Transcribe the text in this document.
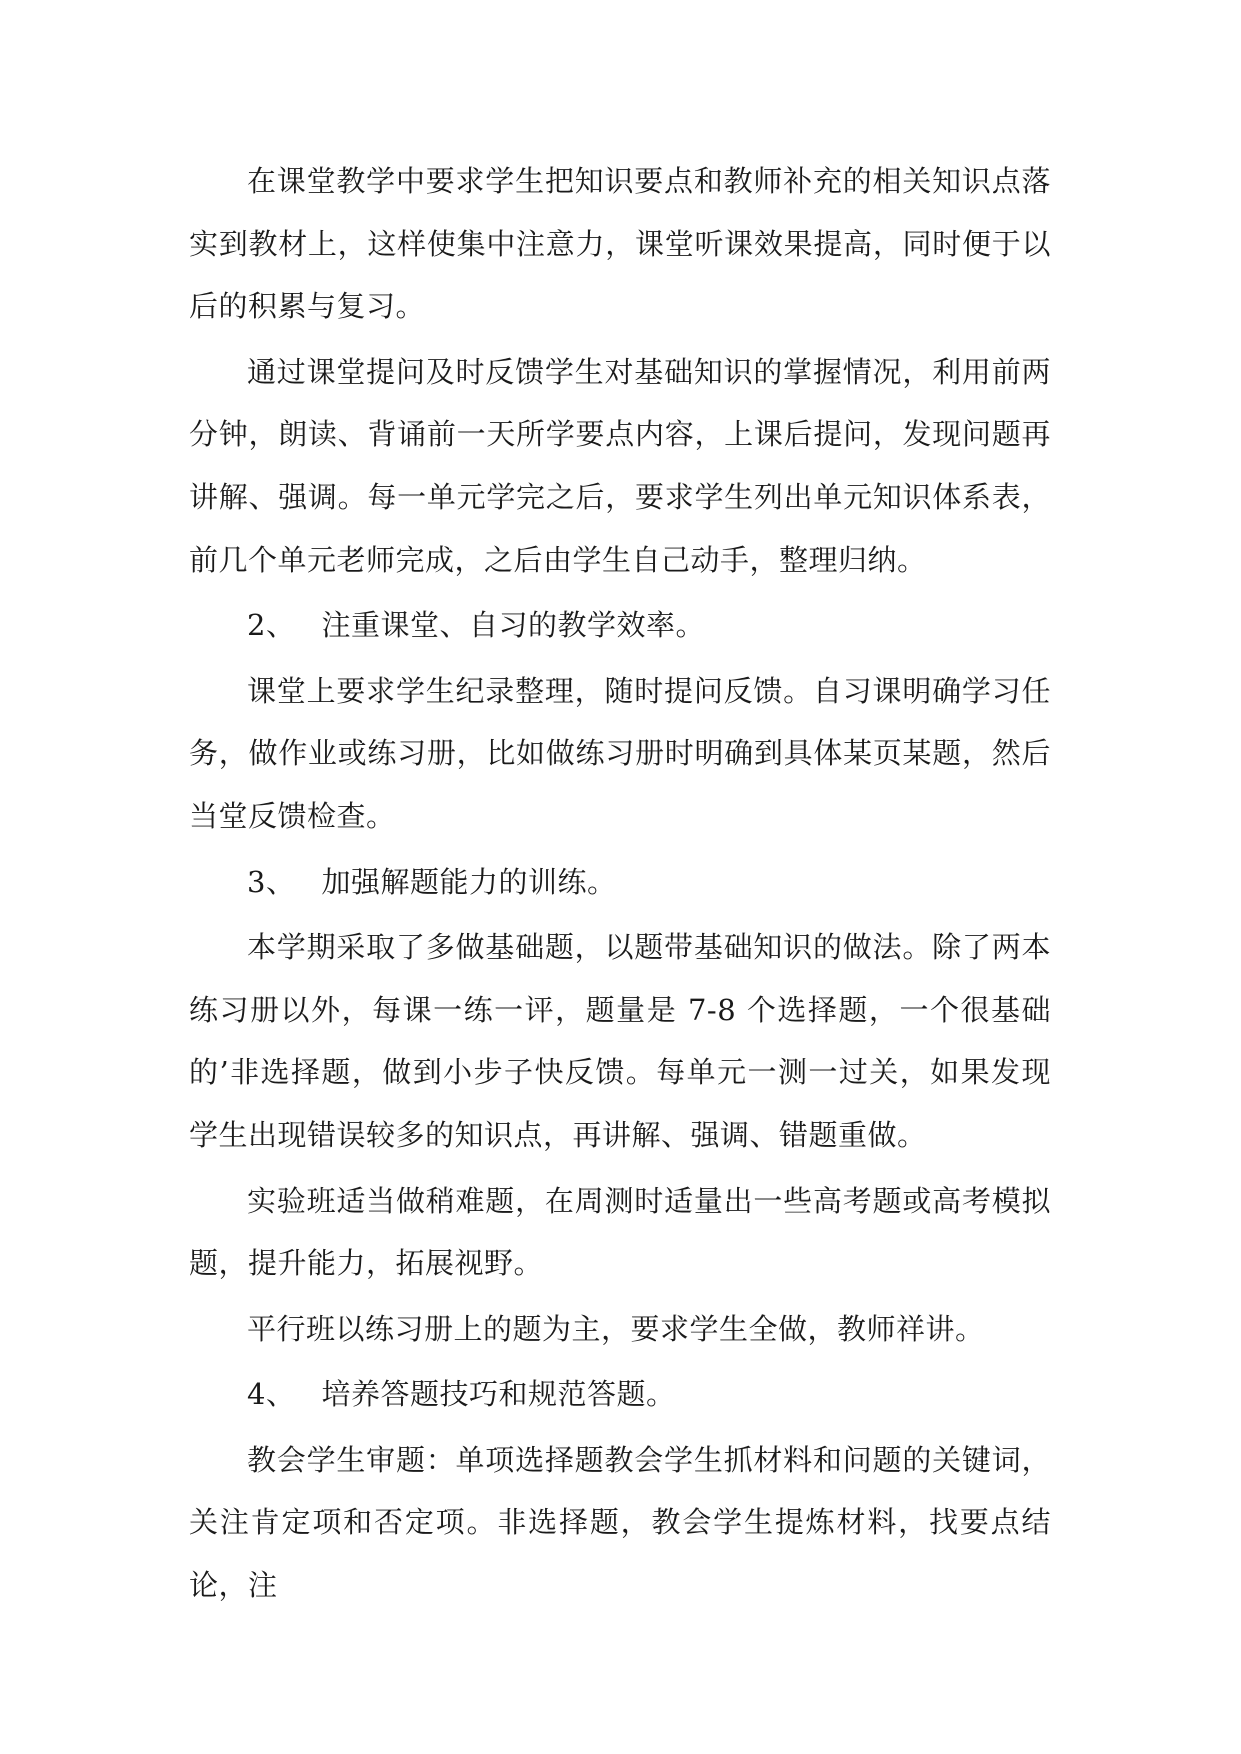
在课堂教学中要求学生把知识要点和教师补充的相关知识点落实到教材上，这样使集中注意力，课堂听课效果提高，同时便于以后的积累与复习。

通过课堂提问及时反馈学生对基础知识的掌握情况，利用前两分钟，朗读、背诵前一天所学要点内容，上课后提问，发现问题再讲解、强调。每一单元学完之后，要求学生列出单元知识体系表，前几个单元老师完成，之后由学生自己动手，整理归纳。

2、 注重课堂、自习的教学效率。

课堂上要求学生纪录整理，随时提问反馈。自习课明确学习任务，做作业或练习册，比如做练习册时明确到具体某页某题，然后当堂反馈检查。

3、 加强解题能力的训练。

本学期采取了多做基础题，以题带基础知识的做法。除了两本练习册以外，每课一练一评，题量是 7-8 个选择题，一个很基础的’非选择题，做到小步子快反馈。每单元一测一过关，如果发现学生出现错误较多的知识点，再讲解、强调、错题重做。

实验班适当做稍难题，在周测时适量出一些高考题或高考模拟题，提升能力，拓展视野。

平行班以练习册上的题为主，要求学生全做，教师祥讲。

4、 培养答题技巧和规范答题。

教会学生审题：单项选择题教会学生抓材料和问题的关键词，关注肯定项和否定项。非选择题，教会学生提炼材料，找要点结论，注
